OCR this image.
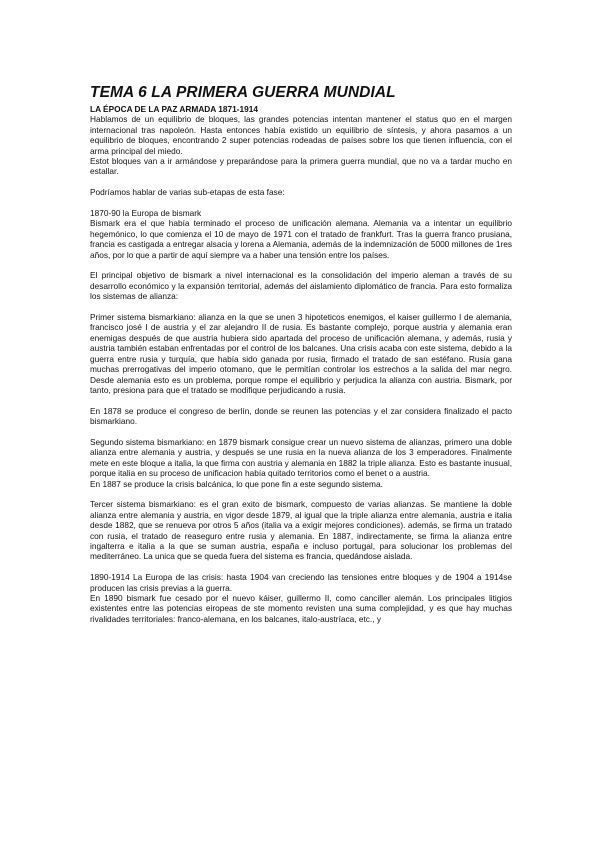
TEMA 6 LA PRIMERA GUERRA MUNDIAL
LA ÉPOCA DE LA PAZ ARMADA 1871-1914

Hablamos de un equilibrio de bloques, las grandes potencias intentan mantener el status quo en el margen internacional tras napoleón. Hasta entonces había existido un equilibrio de síntesis, y ahora pasamos a un equilibrio de bloques, encontrando 2 super potencias rodeadas de países sobre los que tienen influencia, con el arma principal del miedo.

Estot bloques van a ir armándose y preparándose para la primera guerra mundial, que no va a tardar mucho en estallar.

Podríamos hablar de varias sub-etapas de esta fase:

1870-90 la Europa de bismark

Bismark era el que había terminado el proceso de unificación alemana. Alemania va a intentar un equilibrio hegemónico, lo que comienza el 10 de mayo de 1971 con el tratado de frankfurt. Tras la guerra franco prusiana, francia es castigada a entregar alsacia y lorena a Alemania, además de la indemnización de 5000 millones de 1res años, por lo que a partir de aquí siempre va a haber una tensión entre los países.

El principal objetivo de bismark a nivel internacional es la consolidación del imperio aleman a través de su desarrollo económico y la expansión territorial, además del aislamiento diplomático de francia. Para esto formaliza los sistemas de alianza:

Primer sistema bismarkiano: alianza en la que se unen 3 hipoteticos enemigos, el kaiser guillermo I de alemania, francisco josé I de austria y el zar alejandro II de rusia. Es bastante complejo, porque austria y alemania eran enemigas después de que austria hubiera sido apartada del proceso de unificación alemana, y además, rusia y austria también estaban enfrentadas por el control de los balcanes. Una crisis acaba con este sistema, debido a la guerra entre rusia y turquía, que había sido ganada por rusia, firmado el tratado de san estéfano. Rusia gana muchas prerrogativas del imperio otomano, que le permitían controlar los estrechos a la salida del mar negro. Desde alemania esto es un problema, porque rompe el equilibrio y perjudica la alianza con austria. Bismark, por tanto, presiona para que el tratado se modifique perjudicando a rusia.

En 1878 se produce el congreso de berlín, donde se reunen las potencias y el zar considera finalizado el pacto bismarkiano.

Segundo sistema bismarkiano: en 1879 bismark consigue crear un nuevo sistema de alianzas, primero una doble alianza entre alemania y austria, y después se une rusia en la nueva alianza de los 3 emperadores. Finalmente mete en este bloque a italia, la que firma con austria y alemania en 1882 la triple alianza. Esto es bastante inusual, porque italia en su proceso de unificacion había quitado territorios como el benet o a austria.

En 1887 se produce la crisis balcánica, lo que pone fin a este segundo sistema.

Tercer sistema bismarkiano: es el gran exito de bismark, compuesto de varias alianzas. Se mantiene la doble alianza entre alemania y austria, en vigor desde 1879, al igual que la triple alianza entre alemania, austria e italia desde 1882, que se renueva por otros 5 años (italia va a exigir mejores condiciones). además, se firma un tratado con rusia, el tratado de reaseguro entre rusia y alemania. En 1887, indirectamente, se firma la alianza entre ingalterra e italia a la que se suman austria, españa e incluso portugal, para solucionar los problemas del mediterráneo. La unica que se queda fuera del sistema es francia, quedándose aislada.

1890-1914 La Europa de las crisis: hasta 1904 van creciendo las tensiones entre bloques y de 1904 a 1914se producen las crisis previas a la guerra.

En 1890 bismark fue cesado por el nuevo káiser, guillermo II, como canciller alemán. Los principales litigios existentes entre las potencias eiropeas de ste momento revisten una suma complejidad, y es que hay muchas rivalidades territoriales: franco-alemana, en los balcanes, italo-austríaca, etc., y
